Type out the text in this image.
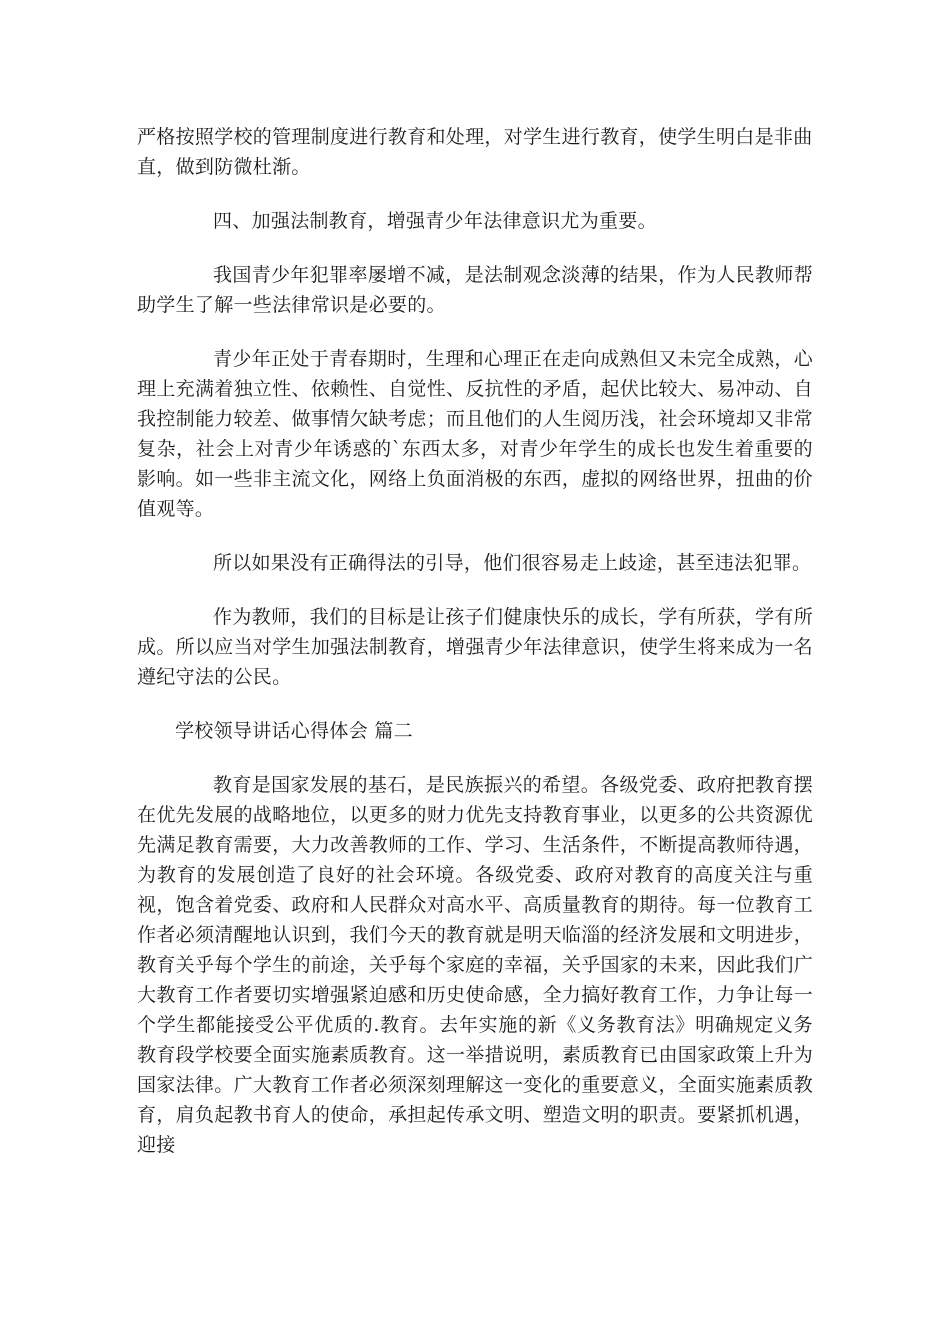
严格按照学校的管理制度进行教育和处理，对学生进行教育，使学生明白是非曲
直，做到防微杜渐。

四、加强法制教育，增强青少年法律意识尤为重要。

我国青少年犯罪率屡增不减，是法制观念淡薄的结果，作为人民教师帮助学生了解一些法律常识是必要的。

青少年正处于青春期时，生理和心理正在走向成熟但又未完全成熟，心理上充满着独立性、依赖性、自觉性、反抗性的矛盾，起伏比较大、易冲动、自我控制能力较差、做事情欠缺考虑；而且他们的人生阅历浅，社会环境却又非常复杂，社会上对青少年诱惑的`东西太多，对青少年学生的成长也发生着重要的影响。如一些非主流文化，网络上负面消极的东西，虚拟的网络世界，扭曲的价值观等。

所以如果没有正确得法的引导，他们很容易走上歧途，甚至违法犯罪。

作为教师，我们的目标是让孩子们健康快乐的成长，学有所获，学有所成。所以应当对学生加强法制教育，增强青少年法律意识，使学生将来成为一名遵纪守法的公民。

学校领导讲话心得体会 篇二

教育是国家发展的基石，是民族振兴的希望。各级党委、政府把教育摆在优先发展的战略地位，以更多的财力优先支持教育事业，以更多的公共资源优先满足教育需要，大力改善教师的工作、学习、生活条件，不断提高教师待遇，为教育的发展创造了良好的社会环境。各级党委、政府对教育的高度关注与重视，饱含着党委、政府和人民群众对高水平、高质量教育的期待。每一位教育工作者必须清醒地认识到，我们今天的教育就是明天临淄的经济发展和文明进步，教育关乎每个学生的前途，关乎每个家庭的幸福，关乎国家的未来，因此我们广大教育工作者要切实增强紧迫感和历史使命感，全力搞好教育工作，力争让每一个学生都能接受公平优质的.教育。去年实施的新《义务教育法》明确规定义务教育段学校要全面实施素质教育。这一举措说明，素质教育已由国家政策上升为国家法律。广大教育工作者必须深刻理解这一变化的重要意义，全面实施素质教育，肩负起教书育人的使命，承担起传承文明、塑造文明的职责。要紧抓机遇，迎接
